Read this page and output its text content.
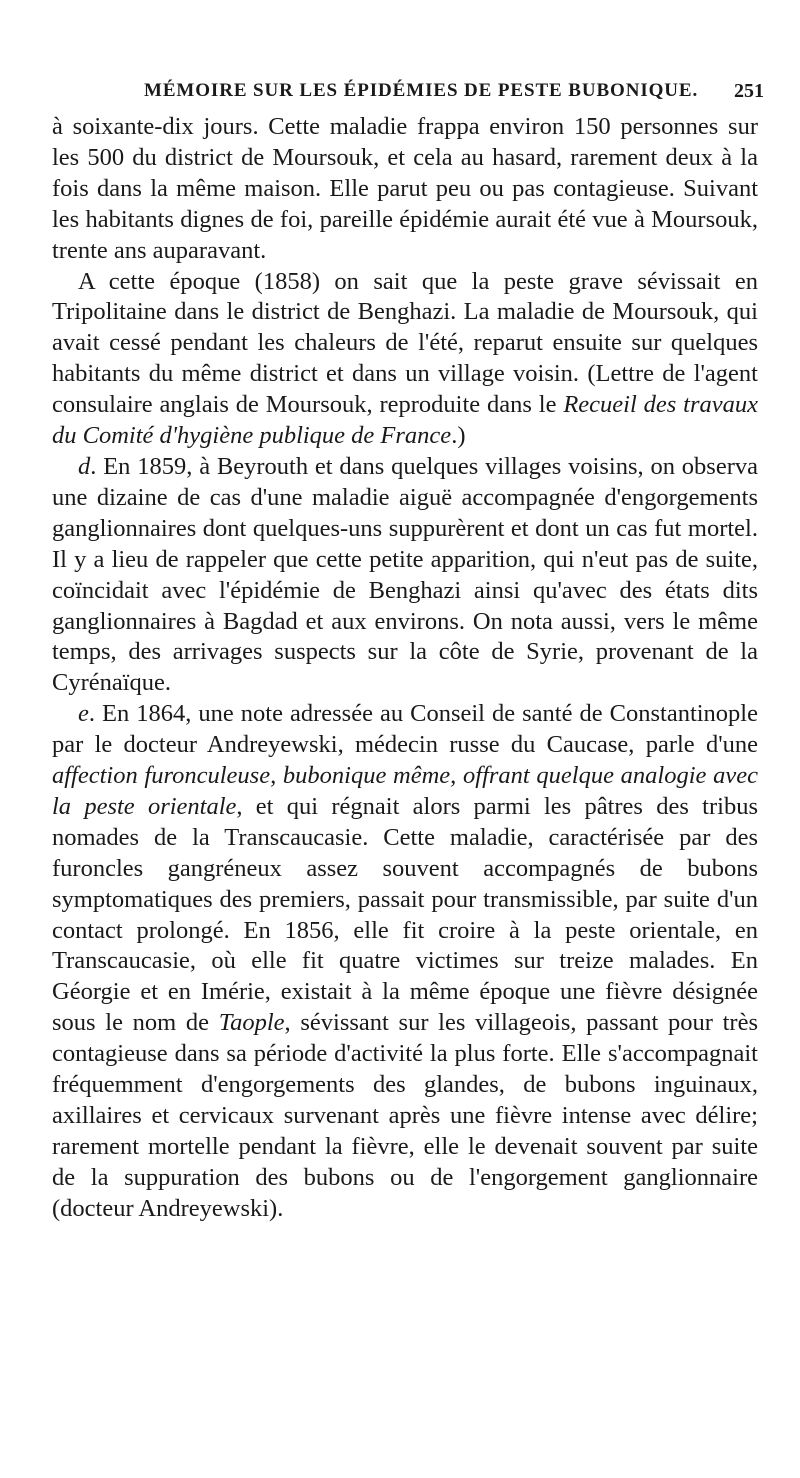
MÉMOIRE SUR LES ÉPIDÉMIES DE PESTE BUBONIQUE. 251

à soixante-dix jours. Cette maladie frappa environ 150 personnes sur les 500 du district de Moursouk, et cela au hasard, rarement deux à la fois dans la même maison. Elle parut peu ou pas contagieuse. Suivant les habitants dignes de foi, pareille épidémie aurait été vue à Moursouk, trente ans auparavant.

A cette époque (1858) on sait que la peste grave sévissait en Tripolitaine dans le district de Benghazi. La maladie de Moursouk, qui avait cessé pendant les chaleurs de l'été, reparut ensuite sur quelques habitants du même district et dans un village voisin. (Lettre de l'agent consulaire anglais de Moursouk, reproduite dans le Recueil des travaux du Comité d'hygiène publique de France.)

d. En 1859, à Beyrouth et dans quelques villages voisins, on observa une dizaine de cas d'une maladie aiguë accompagnée d'engorgements ganglionnaires dont quelques-uns suppurèrent et dont un cas fut mortel. Il y a lieu de rappeler que cette petite apparition, qui n'eut pas de suite, coïncidait avec l'épidémie de Benghazi ainsi qu'avec des états dits ganglionnaires à Bagdad et aux environs. On nota aussi, vers le même temps, des arrivages suspects sur la côte de Syrie, provenant de la Cyrénaïque.

e. En 1864, une note adressée au Conseil de santé de Constantinople par le docteur Andreyewski, médecin russe du Caucase, parle d'une affection furonculeuse, bubonique même, offrant quelque analogie avec la peste orientale, et qui régnait alors parmi les pâtres des tribus nomades de la Transcaucasie. Cette maladie, caractérisée par des furoncles gangréneux assez souvent accompagnés de bubons symptomatiques des premiers, passait pour transmissible, par suite d'un contact prolongé. En 1856, elle fit croire à la peste orientale, en Transcaucasie, où elle fit quatre victimes sur treize malades. En Géorgie et en Imérie, existait à la même époque une fièvre désignée sous le nom de Taople, sévissant sur les villageois, passant pour très contagieuse dans sa période d'activité la plus forte. Elle s'accompagnait fréquemment d'engorgements des glandes, de bubons inguinaux, axillaires et cervicaux survenant après une fièvre intense avec délire; rarement mortelle pendant la fièvre, elle le devenait souvent par suite de la suppuration des bubons ou de l'engorgement ganglionnaire (docteur Andreyewski).
